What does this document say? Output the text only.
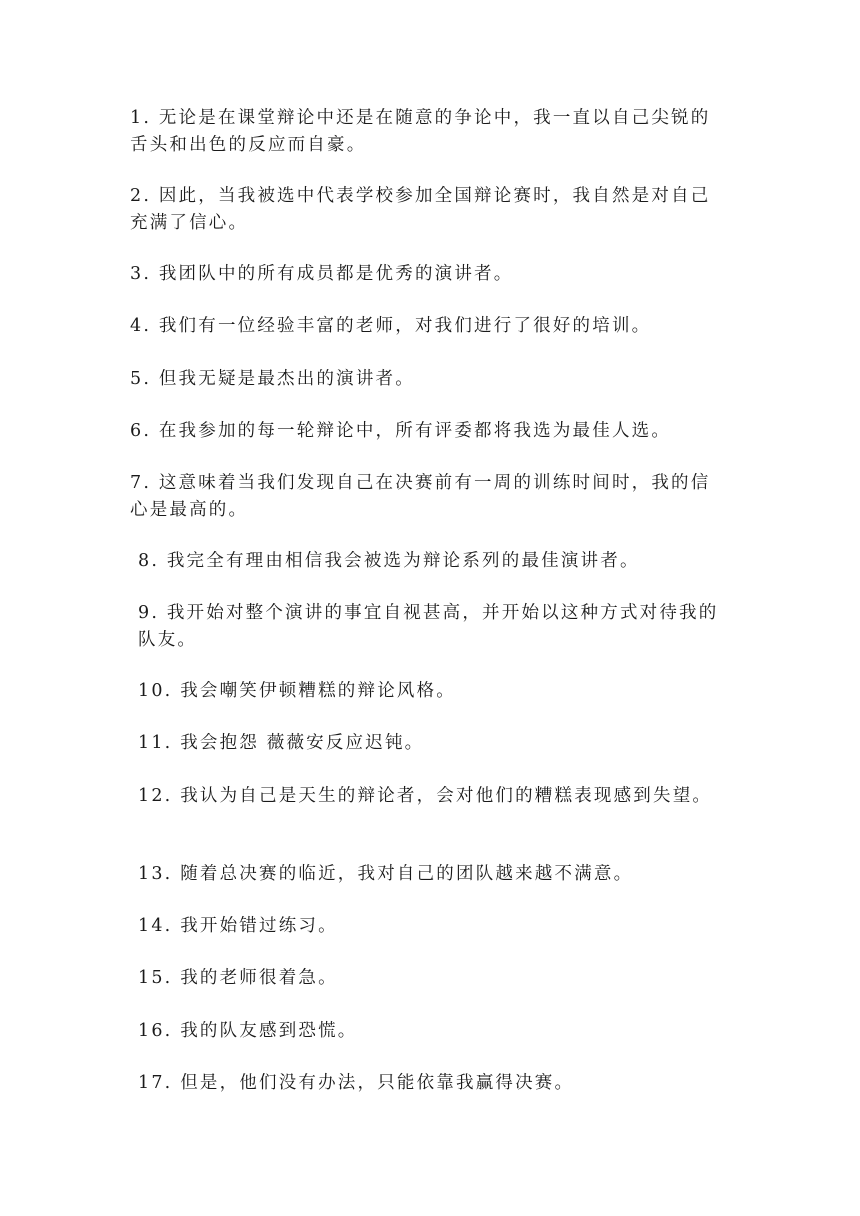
1. 无论是在课堂辩论中还是在随意的争论中，我一直以自己尖锐的舌头和出色的反应而自豪。

2. 因此，当我被选中代表学校参加全国辩论赛时，我自然是对自己充满了信心。

3. 我团队中的所有成员都是优秀的演讲者。

4. 我们有一位经验丰富的老师，对我们进行了很好的培训。

5. 但我无疑是最杰出的演讲者。

6. 在我参加的每一轮辩论中，所有评委都将我选为最佳人选。

7. 这意味着当我们发现自己在决赛前有一周的训练时间时，我的信心是最高的。

8. 我完全有理由相信我会被选为辩论系列的最佳演讲者。

9. 我开始对整个演讲的事宜自视甚高，并开始以这种方式对待我的队友。

10. 我会嘲笑伊顿糟糕的辩论风格。

11. 我会抱怨 薇薇安反应迟钝。

12. 我认为自己是天生的辩论者，会对他们的糟糕表现感到失望。

13. 随着总决赛的临近，我对自己的团队越来越不满意。

14. 我开始错过练习。

15. 我的老师很着急。

16. 我的队友感到恐慌。

17. 但是，他们没有办法，只能依靠我赢得决赛。
